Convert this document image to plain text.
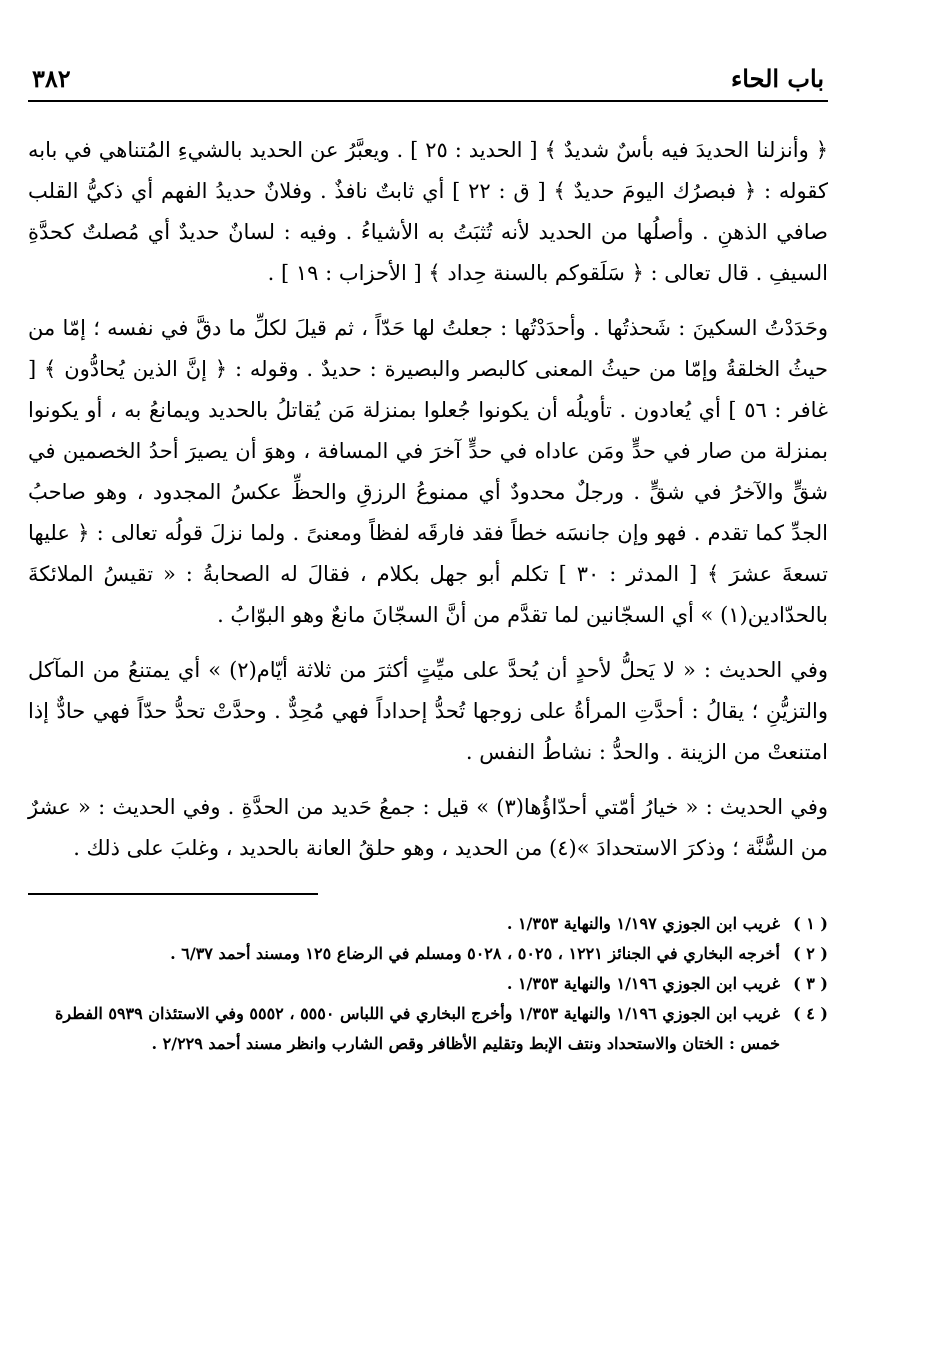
باب الحاء
٣٨٢

﴿ وأنزلنا الحديدَ فيه بأسٌ شديدٌ ﴾ [ الحديد : ٢٥ ] . ويعبَّرُ عن الحديد بالشيءِ المُتناهي في بابه كقوله : ﴿ فبصرُك اليومَ حديدٌ ﴾ [ ق : ٢٢ ] أي ثابتٌ نافذٌ . وفلانٌ حديدُ الفهم أي ذكيُّ القلب صافي الذهنِ . وأصلُها من الحديد لأنه تُثبَتُ به الأشياءُ . وفيه : لسانٌ حديدٌ أي مُصلتٌ كحدَّةِ السيفِ . قال تعالى : ﴿ سَلَقوكم بالسنة حِداد ﴾ [ الأحزاب : ١٩ ] .

وحَدَدْتُ السكينَ : شَحذتُها . وأحدَدْتُها : جعلتُ لها حَدّاً ، ثم قيلَ لكلِّ ما دقَّ في نفسه ؛ إمّا من حيثُ الخلقةُ وإمّا من حيثُ المعنى كالبصر والبصيرة : حديدٌ . وقوله : ﴿ إنَّ الذين يُحادُّون ﴾ [ غافر : ٥٦ ] أي يُعادون . تأويلُه أن يكونوا جُعلوا بمنزلة مَن يُقاتلُ بالحديد ويمانعُ به ، أو يكونوا بمنزلة من صار في حدٍّ ومَن عاداه في حدٍّ آخرَ في المسافة ، وهوَ أن يصيرَ أحدُ الخصمين في شقٍّ والآخرُ في شقٍّ . ورجلٌ محدودٌ أي ممنوعُ الرزقِ والحظِّ عكسُ المجدود ، وهو صاحبُ الجدِّ كما تقدم . فهو وإن جانسَه خطاً فقد فارقَه لفظاً ومعنىً . ولما نزلَ قولُه تعالى : ﴿ عليها تسعةَ عشرَ ﴾ [ المدثر : ٣٠ ] تكلم أبو جهل بكلام ، فقالَ له الصحابةُ : « تقيسُ الملائكةَ بالحدّادين(١) » أي السجّانين لما تقدَّم من أنَّ السجّانَ مانعٌ وهو البوّابُ .

وفي الحديث : « لا يَحلُّ لأحدٍ أن يُحدَّ على ميِّتٍ أكثرَ من ثلاثة أيّام(٢) » أي يمتنعُ من المآكل والتزيُّنِ ؛ يقالُ : أحدَّتِ المرأةُ على زوجها تُحدُّ إحداداً فهي مُحِدٌّ . وحدَّتْ تحدُّ حدّاً فهي حادٌّ إذا امتنعتْ من الزينة . والحدُّ : نشاطُ النفس .

وفي الحديث : « خيارُ أمّتي أحدّاؤُها(٣) » قيل : جمعُ حَديد من الحدَّةِ . وفي الحديث : « عشرٌ من السُّنَّة ؛ وذكرَ الاستحدادَ »(٤) من الحديد ، وهو حلقُ العانة بالحديد ، وغلبَ على ذلك .

( ١ )
غريب ابن الجوزي ١/١٩٧ والنهاية ١/٣٥٣ .
( ٢ )
أخرجه البخاري في الجنائز ١٢٢١ ، ٥٠٢٥ ، ٥٠٢٨ ومسلم في الرضاع ١٢٥ ومسند أحمد ٦/٣٧ .
( ٣ )
غريب ابن الجوزي ١/١٩٦ والنهاية ١/٣٥٣ .
( ٤ )
غريب ابن الجوزي ١/١٩٦ والنهاية ١/٣٥٣ وأخرج البخاري في اللباس ٥٥٥٠ ، ٥٥٥٢ وفي الاستئذان ٥٩٣٩ الفطرة خمس : الختان والاستحداد ونتف الإبط وتقليم الأظافر وقص الشارب وانظر مسند أحمد ٢/٢٢٩ .
